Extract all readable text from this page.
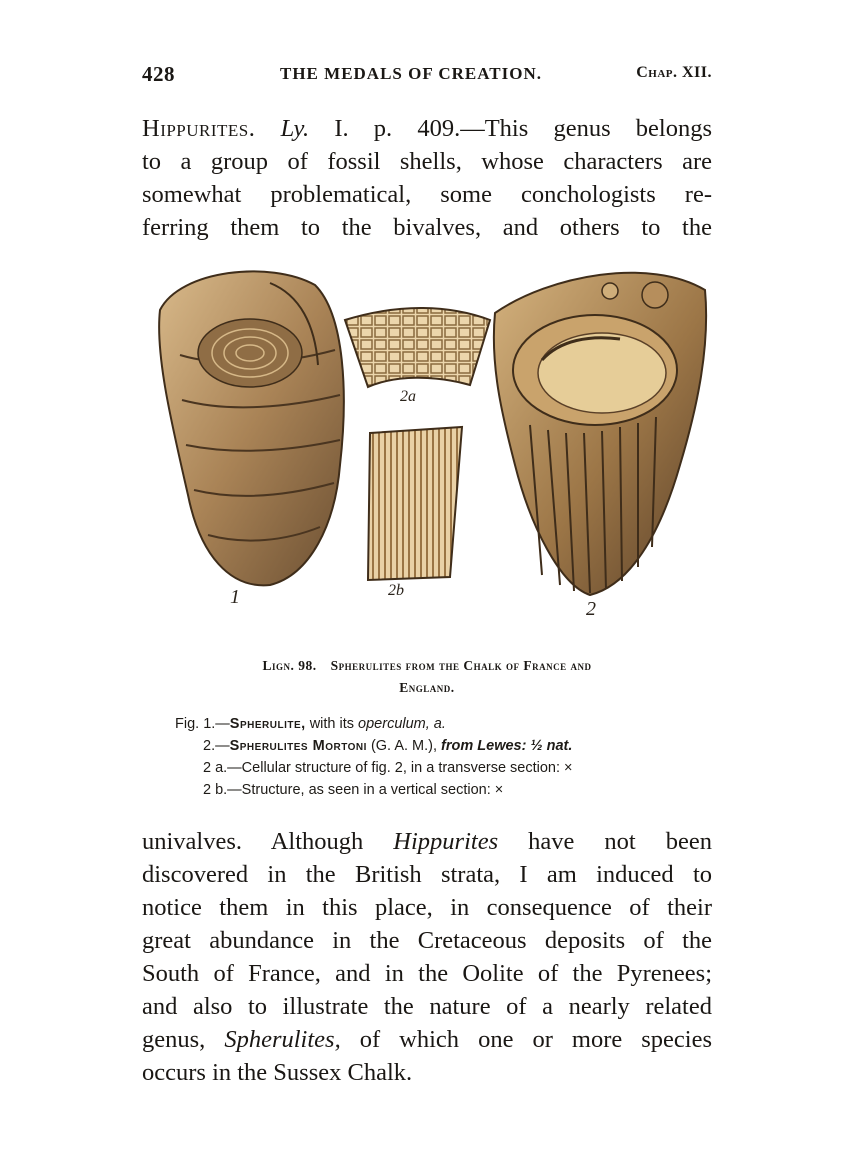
428	THE MEDALS OF CREATION.	Chap. XII.
Hippurites. Ly. I. p. 409.—This genus belongs
to a group of fossil shells, whose characters are
somewhat problematical, some conchologists re-
ferring them to the bivalves, and others to the
1
2a
2b
2
Lign. 98. Spherulites from the Chalk of France and
England.
Fig. 1.—Spherulite, with its operculum, a.
2.—Spherulites Mortoni (G. A. M.), from Lewes: ½ nat.
2 a.—Cellular structure of fig. 2, in a transverse section: ×
2 b.—Structure, as seen in a vertical section: ×
univalves. Although Hippurites have not been
discovered in the British strata, I am induced to
notice them in this place, in consequence of their
great abundance in the Cretaceous deposits of the
South of France, and in the Oolite of the Pyrenees;
and also to illustrate the nature of a nearly related
genus, Spherulites, of which one or more species
occurs in the Sussex Chalk.
